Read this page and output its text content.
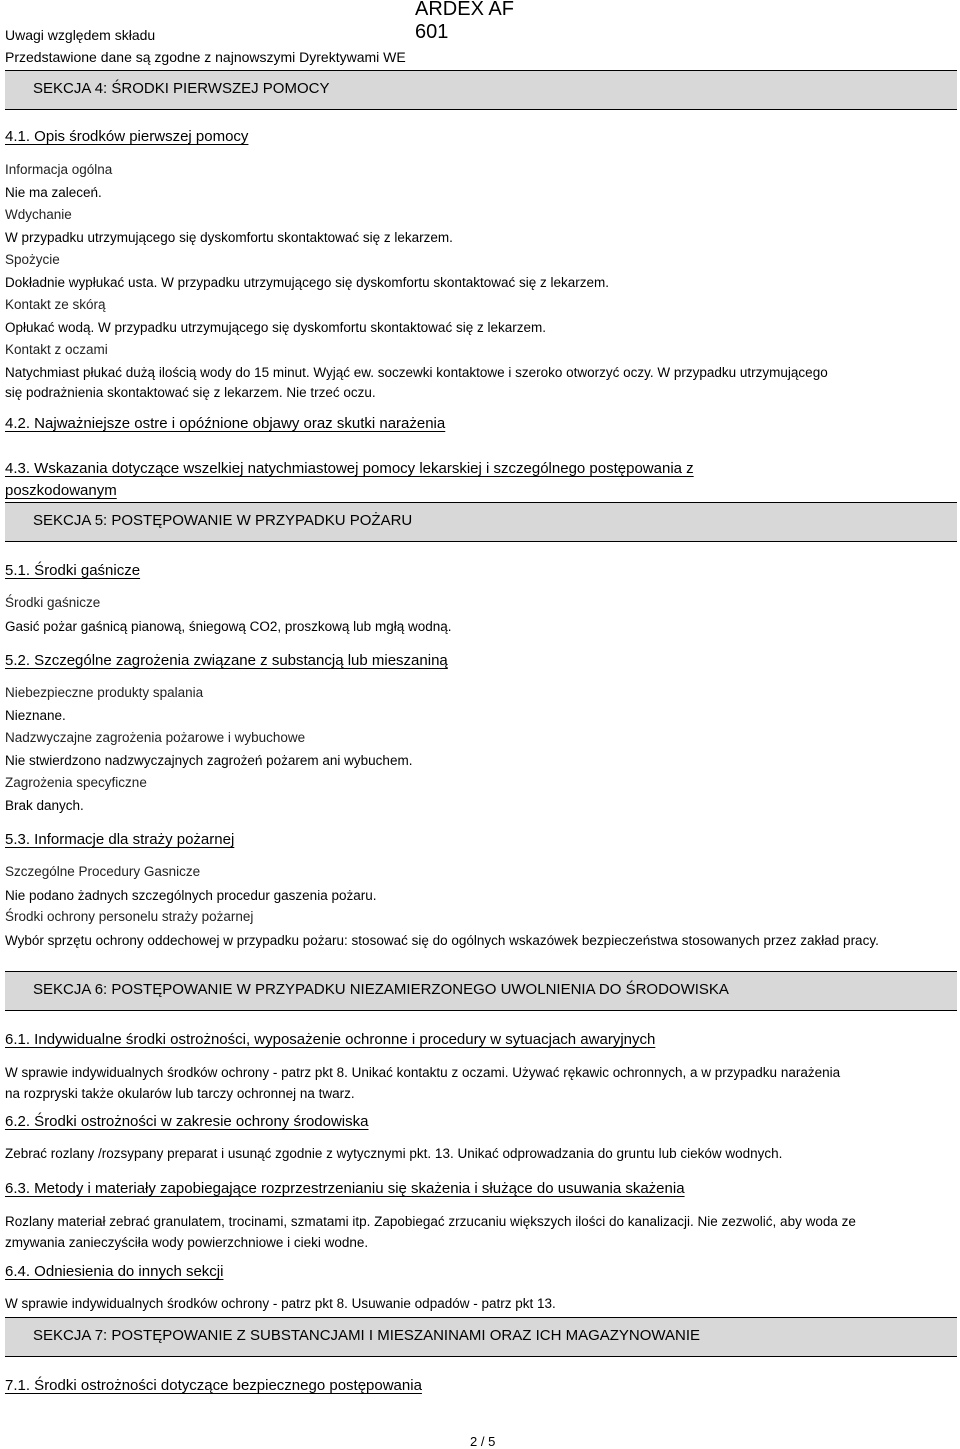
Uwagi względem składu
Przedstawione dane są zgodne z najnowszymi Dyrektywami WE
ARDEX AF 601
SEKCJA 4: ŚRODKI PIERWSZEJ POMOCY
4.1. Opis środków pierwszej pomocy
Informacja ogólna
Nie ma zaleceń.
Wdychanie
W przypadku utrzymującego się dyskomfortu skontaktować się z lekarzem.
Spożycie
Dokładnie wypłukać usta. W przypadku utrzymującego się dyskomfortu skontaktować się z lekarzem.
Kontakt ze skórą
Opłukać wodą. W przypadku utrzymującego się dyskomfortu skontaktować się z lekarzem.
Kontakt z oczami
Natychmiast płukać dużą ilością wody do 15 minut. Wyjąć ew. soczewki kontaktowe i szeroko otworzyć oczy. W przypadku utrzymującego
się podrażnienia skontaktować się z lekarzem. Nie trzeć oczu.
4.2. Najważniejsze ostre i opóźnione objawy oraz skutki narażenia
4.3. Wskazania dotyczące wszelkiej natychmiastowej pomocy lekarskiej i szczególnego postępowania z
poszkodowanym
SEKCJA 5: POSTĘPOWANIE W PRZYPADKU POŻARU
5.1. Środki gaśnicze
Środki gaśnicze
Gasić pożar gaśnicą pianową, śniegową CO2, proszkową lub mgłą wodną.
5.2. Szczególne zagrożenia związane z substancją lub mieszaniną
Niebezpieczne produkty spalania
Nieznane.
Nadzwyczajne zagrożenia pożarowe i wybuchowe
Nie stwierdzono nadzwyczajnych zagrożeń pożarem ani wybuchem.
Zagrożenia specyficzne
Brak danych.
5.3. Informacje dla straży pożarnej
Szczególne Procedury Gasnicze
Nie podano żadnych szczególnych procedur gaszenia pożaru.
Środki ochrony personelu straży pożarnej
Wybór sprzętu ochrony oddechowej w przypadku pożaru: stosować się do ogólnych wskazówek bezpieczeństwa stosowanych przez zakład pracy.
SEKCJA 6: POSTĘPOWANIE W PRZYPADKU NIEZAMIERZONEGO UWOLNIENIA DO ŚRODOWISKA
6.1. Indywidualne środki ostrożności, wyposażenie ochronne i procedury w sytuacjach awaryjnych
W sprawie indywidualnych środków ochrony - patrz pkt 8. Unikać kontaktu z oczami. Używać rękawic ochronnych, a w przypadku narażenia na rozpryski także okularów lub tarczy ochronnej na twarz.
6.2. Środki ostrożności w zakresie ochrony środowiska
Zebrać rozlany /rozsypany preparat i usunąć zgodnie z wytycznymi pkt. 13. Unikać odprowadzania do gruntu lub cieków wodnych.
6.3. Metody i materiały zapobiegające rozprzestrzenianiu się skażenia i służące do usuwania skażenia
Rozlany materiał zebrać granulatem, trocinami, szmatami itp. Zapobiegać zrzucaniu większych ilości do kanalizacji. Nie zezwolić, aby woda ze zmywania zanieczyściła wody powierzchniowe i cieki wodne.
6.4. Odniesienia do innych sekcji
W sprawie indywidualnych środków ochrony - patrz pkt 8. Usuwanie odpadów - patrz pkt 13.
SEKCJA 7: POSTĘPOWANIE Z SUBSTANCJAMI I MIESZANINAMI ORAZ ICH MAGAZYNOWANIE
7.1. Środki ostrożności dotyczące bezpiecznego postępowania
2 / 5
